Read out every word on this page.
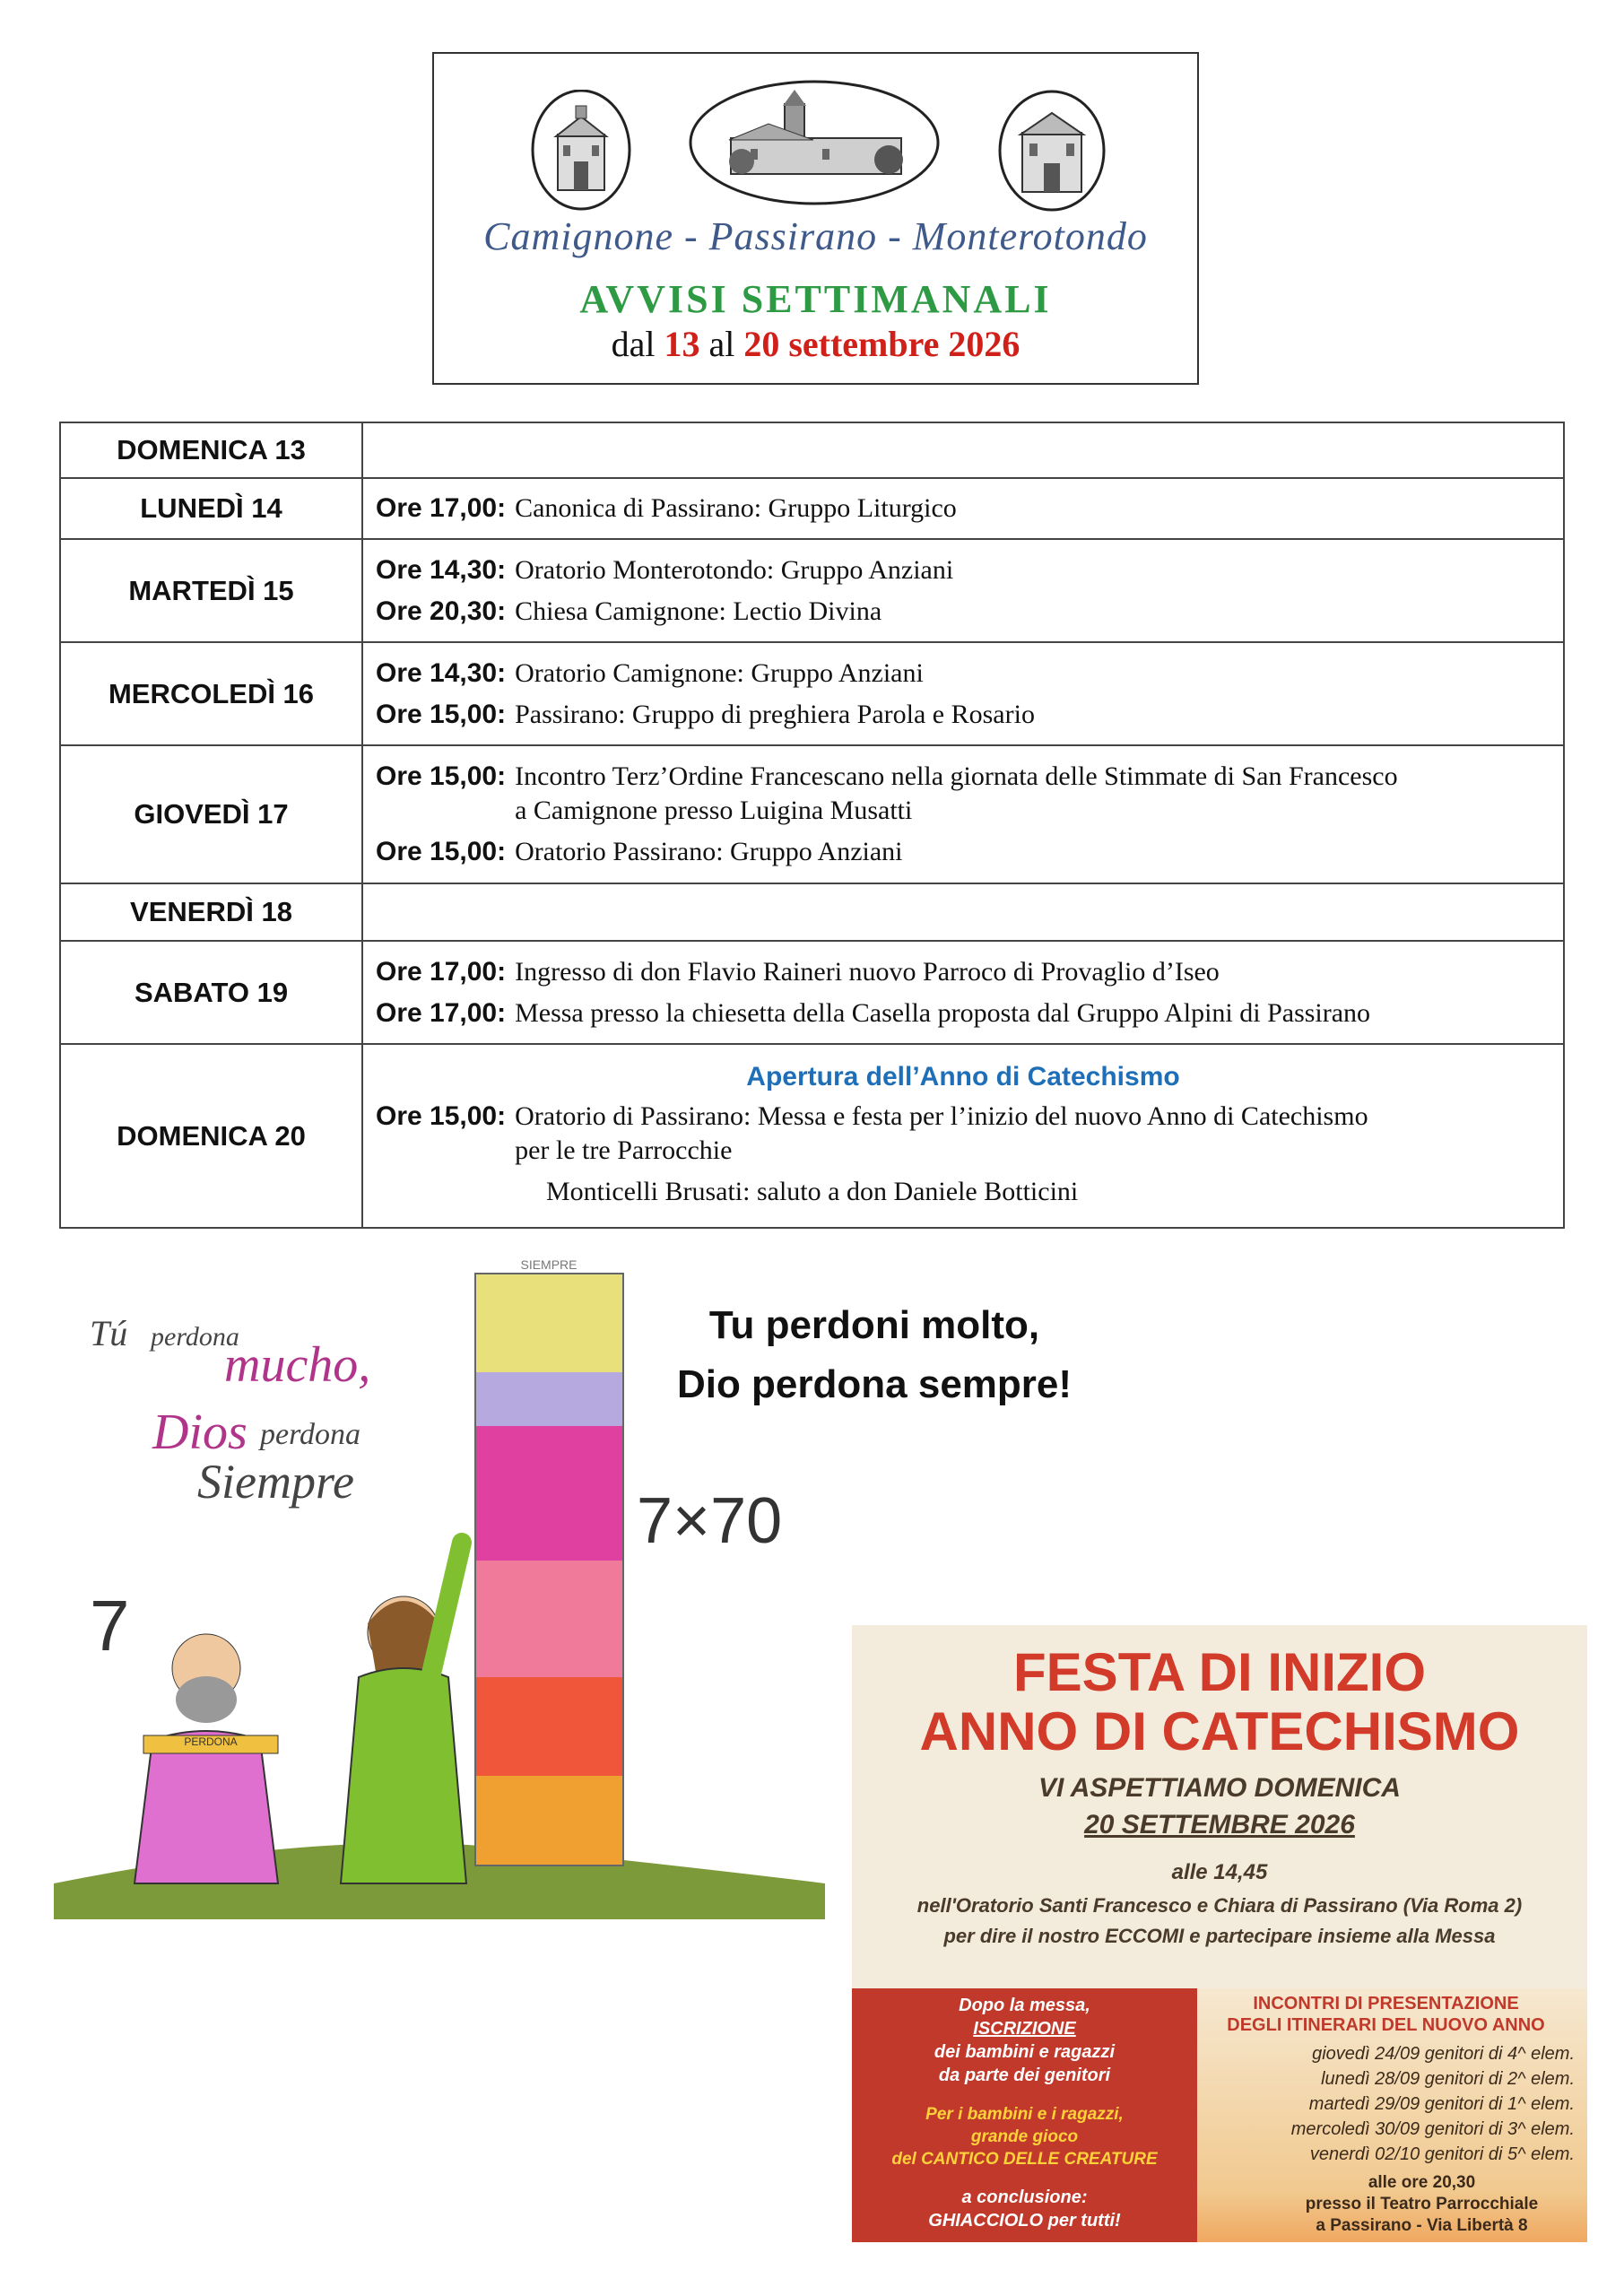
Camignone - Passirano - Monterotondo
AVVISI SETTIMANALI
dal 13 al 20 settembre 2026
DOMENICA 13	
LUNEDÌ 14	Ore 17,00: Canonica di Passirano: Gruppo Liturgico

MARTEDÌ 15	Ore 14,30: Oratorio Monterotondo: Gruppo Anziani
Ore 20,30: Chiesa Camignone: Lectio Divina

MERCOLEDÌ 16	Ore 14,30: Oratorio Camignone: Gruppo Anziani
Ore 15,00: Passirano: Gruppo di preghiera Parola e Rosario

GIOVEDÌ 17	Ore 15,00: Incontro Terz’Ordine Francescano nella giornata delle Stimmate di San Francesco
a Camignone presso Luigina Musatti
Ore 15,00: Oratorio Passirano: Gruppo Anziani

VENERDÌ 18	
SABATO 19	Ore 17,00: Ingresso di don Flavio Raineri nuovo Parroco di Provaglio d’Iseo
Ore 17,00: Messa presso la chiesetta della Casella proposta dal Gruppo Alpini di Passirano

DOMENICA 20	Apertura dell’Anno di Catechismo
Ore 15,00: Oratorio di Passirano: Messa e festa per l’inizio del nuovo Anno di Catechismo
per le tre Parrocchie
Monticelli Brusati: saluto a don Daniele Botticini
SIEMPRE
PERDONA
Tú perdona
mucho,
Dios perdona
Siempre
7
7×70
Tu perdoni molto,
Dio perdona sempre!
FESTA DI INIZIO
ANNO DI CATECHISMO
VI ASPETTIAMO DOMENICA
20 SETTEMBRE 2026
alle 14,45
nell'Oratorio Santi Francesco e Chiara di Passirano (Via Roma 2)
per dire il nostro ECCOMI e partecipare insieme alla Messa
Dopo la messa,
ISCRIZIONE
dei bambini e ragazzi
da parte dei genitori
Per i bambini e i ragazzi,
grande gioco
del CANTICO DELLE CREATURE
a conclusione:
GHIACCIOLO per tutti!
INCONTRI DI PRESENTAZIONE
DEGLI ITINERARI DEL NUOVO ANNO
giovedì 24/09 genitori di 4^ elem.
lunedì 28/09 genitori di 2^ elem.
martedì 29/09 genitori di 1^ elem.
mercoledì 30/09 genitori di 3^ elem.
venerdì 02/10 genitori di 5^ elem.
alle ore 20,30
presso il Teatro Parrocchiale
a Passirano - Via Libertà 8
